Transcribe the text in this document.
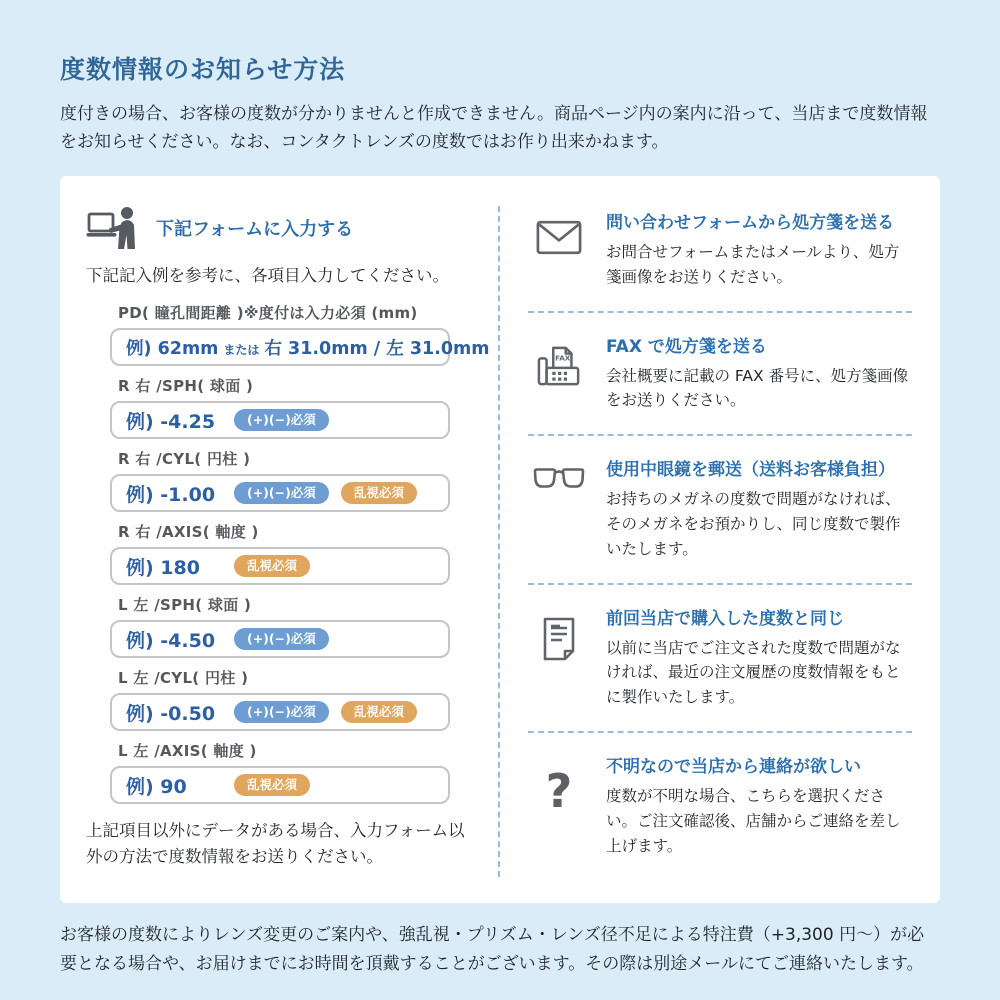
度数情報のお知らせ方法

度付きの場合、お客様の度数が分かりませんと作成できません。商品ページ内の案内に沿って、当店まで度数情報をお知らせください。なお、コンタクトレンズの度数ではお作り出来かねます。

下記フォームに入力する

下記記入例を参考に、各項目入力してください。

PD( 瞳孔間距離 )※度付は入力必須 (mm)
例) 62mm または 右 31.0mm / 左 31.0mm
R 右 /SPH( 球面 )
例) -4.25	(+)(−)必須
R 右 /CYL( 円柱 )
例) -1.00	(+)(−)必須	乱視必須
R 右 /AXIS( 軸度 )
例) 180	乱視必須
L 左 /SPH( 球面 )
例) -4.50	(+)(−)必須
L 左 /CYL( 円柱 )
例) -0.50	(+)(−)必須	乱視必須
L 左 /AXIS( 軸度 )
例) 90	乱視必須

上記項目以外にデータがある場合、入力フォーム以外の方法で度数情報をお送りください。

問い合わせフォームから処方箋を送る

お問合せフォームまたはメールより、処方箋画像をお送りください。

FAX
FAX で処方箋を送る

会社概要に記載の FAX 番号に、処方箋画像をお送りください。

使用中眼鏡を郵送（送料お客様負担）

お持ちのメガネの度数で問題がなければ、そのメガネをお預かりし、同じ度数で製作いたします。

前回当店で購入した度数と同じ

以前に当店でご注文された度数で問題がなければ、最近の注文履歴の度数情報をもとに製作いたします。

? 不明なので当店から連絡が欲しい

度数が不明な場合、こちらを選択ください。ご注文確認後、店舗からご連絡を差し上げます。

お客様の度数によりレンズ変更のご案内や、強乱視・プリズム・レンズ径不足による特注費（+3,300 円〜）が必要となる場合や、お届けまでにお時間を頂戴することがございます。その際は別途メールにてご連絡いたします。
